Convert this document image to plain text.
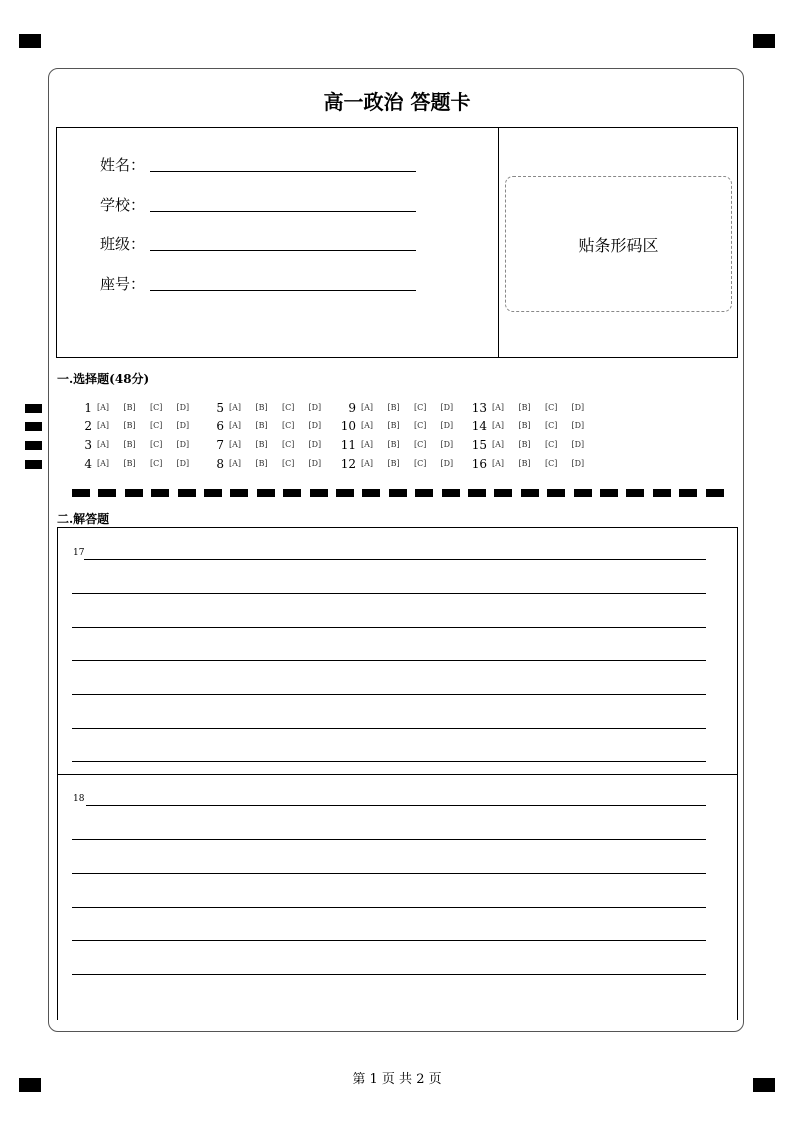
高一政治 答题卡
姓名：
学校：
班级：
座号：
贴条形码区
一.选择题(48分)
二.解答题
17
18
第 1 页 共 2 页
1 [A] [B] [C] [D]
2 [A] [B] [C] [D]
3 [A] [B] [C] [D]
4 [A] [B] [C] [D]
5 [A] [B] [C] [D]
6 [A] [B] [C] [D]
7 [A] [B] [C] [D]
8 [A] [B] [C] [D]
9 [A] [B] [C] [D]
10 [A] [B] [C] [D]
11 [A] [B] [C] [D]
12 [A] [B] [C] [D]
13 [A] [B] [C] [D]
14 [A] [B] [C] [D]
15 [A] [B] [C] [D]
16 [A] [B] [C] [D]
